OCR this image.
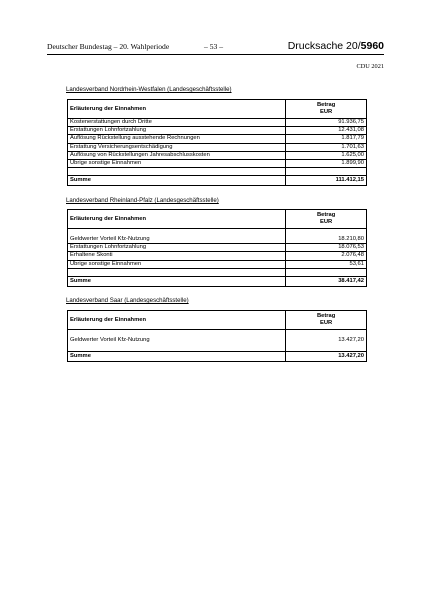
Deutscher Bundestag – 20. Wahlperiode	– 53 –	Drucksache 20/5960
CDU 2021
Landesverband Nordrhein-Westfalen (Landesgeschäftsstelle)
Erläuterung der Einnahmen	Betrag
EUR
Kostenerstattungen durch Dritte	91.936,75
Erstattungen Lohnfortzahlung	12.431,08
Auflösung Rückstellung ausstehende Rechnungen	1.817,79
Erstattung Versicherungsentschädigung	1.701,63
Auflösung von Rückstellungen Jahresabschlusskosten	1.625,00
Übrige sonstige Einnahmen	1.899,90

Summe	111.412,15
Landesverband Rheinland-Pfalz (Landesgeschäftsstelle)
Erläuterung der Einnahmen	Betrag
EUR

Geldwerter Vorteil Kfz-Nutzung	18.210,80
Erstattungen Lohnfortzahlung	18.076,53
Erhaltene Skonti	2.076,48
Übrige sonstige Einnahmen	53,61

Summe	38.417,42
Landesverband Saar (Landesgeschäftsstelle)
Erläuterung der Einnahmen	Betrag
EUR

Geldwerter Vorteil Kfz-Nutzung	13.427,20

Summe	13.427,20
